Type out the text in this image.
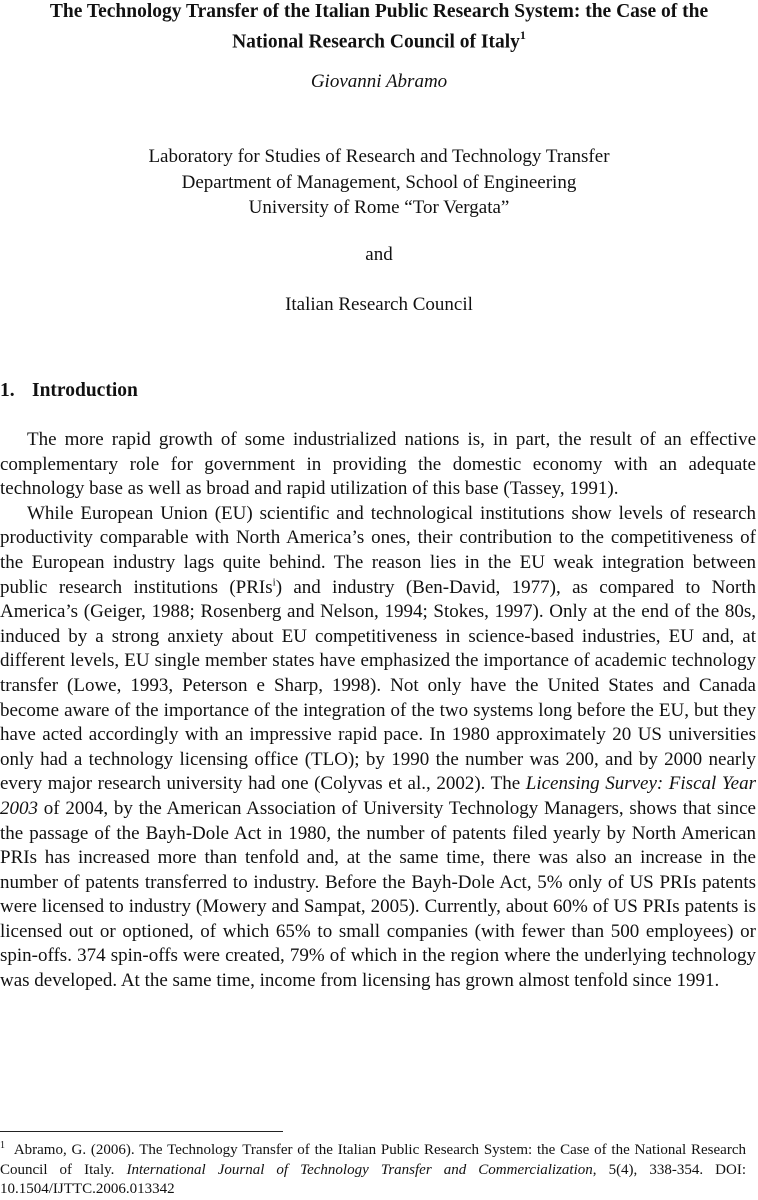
The Technology Transfer of the Italian Public Research System: the Case of the
National Research Council of Italy$^1$
Giovanni Abramo
Laboratory for Studies of Research and Technology Transfer
Department of Management, School of Engineering
University of Rome “Tor Vergata”
and
Italian Research Council
1. Introduction

The more rapid growth of some industrialized nations is, in part, the result of an effective complementary role for government in providing the domestic economy with an adequate technology base as well as broad and rapid utilization of this base (Tassey, 1991).

While European Union (EU) scientific and technological institutions show levels of research productivity comparable with North America’s ones, their contribution to the competitiveness of the European industry lags quite behind. The reason lies in the EU weak integration between public research institutions (PRIs$^i$) and industry (Ben-David, 1977), as compared to North America’s (Geiger, 1988; Rosenberg and Nelson, 1994; Stokes, 1997). Only at the end of the 80s, induced by a strong anxiety about EU competitiveness in science-based industries, EU and, at different levels, EU single member states have emphasized the importance of academic technology transfer (Lowe, 1993, Peterson e Sharp, 1998). Not only have the United States and Canada become aware of the importance of the integration of the two systems long before the EU, but they have acted accordingly with an impressive rapid pace. In 1980 approximately 20 US universities only had a technology licensing office (TLO); by 1990 the number was 200, and by 2000 nearly every major research university had one (Colyvas et al., 2002). The Licensing Survey: Fiscal Year 2003 of 2004, by the American Association of University Technology Managers, shows that since the passage of the Bayh-Dole Act in 1980, the number of patents filed yearly by North American PRIs has increased more than tenfold and, at the same time, there was also an increase in the number of patents transferred to industry. Before the Bayh-Dole Act, 5% only of US PRIs patents were licensed to industry (Mowery and Sampat, 2005). Currently, about 60% of US PRIs patents is licensed out or optioned, of which 65% to small companies (with fewer than 500 employees) or spin-offs. 374 spin-offs were created, 79% of which in the region where the underlying technology was developed. At the same time, income from licensing has grown almost tenfold since 1991.

$^1$ Abramo, G. (2006). The Technology Transfer of the Italian Public Research System: the Case of the National Research Council of Italy. International Journal of Technology Transfer and Commercialization, 5(4), 338-354. DOI: 10.1504/IJTTC.2006.013342
